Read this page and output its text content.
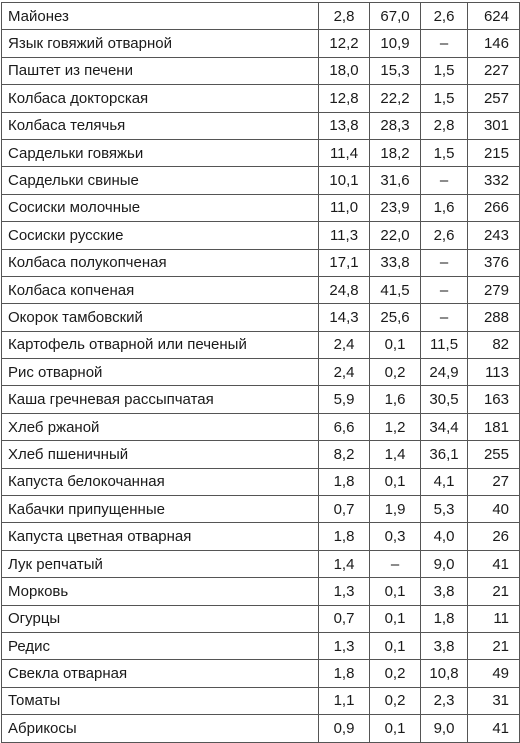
Майонез	2,8	67,0	2,6	624
Язык говяжий отварной	12,2	10,9	–	146
Паштет из печени	18,0	15,3	1,5	227
Колбаса докторская	12,8	22,2	1,5	257
Колбаса телячья	13,8	28,3	2,8	301
Сардельки говяжьи	11,4	18,2	1,5	215
Сардельки свиные	10,1	31,6	–	332
Сосиски молочные	11,0	23,9	1,6	266
Сосиски русские	11,3	22,0	2,6	243
Колбаса полукопченая	17,1	33,8	–	376
Колбаса копченая	24,8	41,5	–	279
Окорок тамбовский	14,3	25,6	–	288
Картофель отварной или печеный	2,4	0,1	11,5	82
Рис отварной	2,4	0,2	24,9	113
Каша гречневая рассыпчатая	5,9	1,6	30,5	163
Хлеб ржаной	6,6	1,2	34,4	181
Хлеб пшеничный	8,2	1,4	36,1	255
Капуста белокочанная	1,8	0,1	4,1	27
Кабачки припущенные	0,7	1,9	5,3	40
Капуста цветная отварная	1,8	0,3	4,0	26
Лук репчатый	1,4	–	9,0	41
Морковь	1,3	0,1	3,8	21
Огурцы	0,7	0,1	1,8	11
Редис	1,3	0,1	3,8	21
Свекла отварная	1,8	0,2	10,8	49
Томаты	1,1	0,2	2,3	31
Абрикосы	0,9	0,1	9,0	41
